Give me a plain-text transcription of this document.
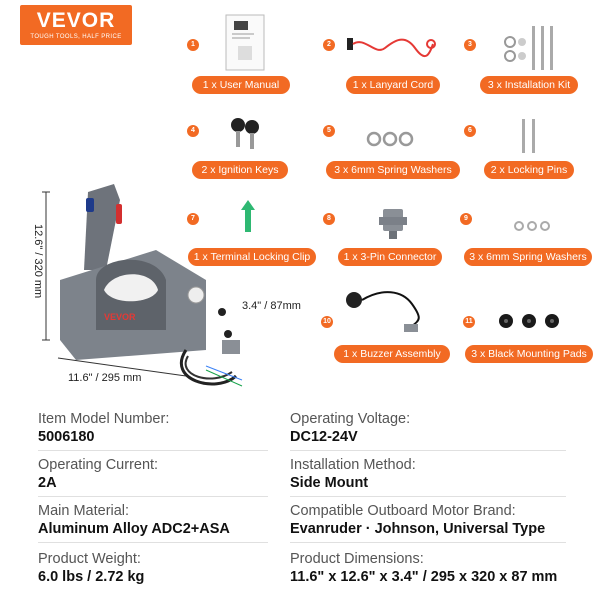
VEVOR
TOUGH TOOLS, HALF PRICE
1
1 x User Manual
2
1 x Lanyard Cord
3
3 x Installation Kit
4
2 x Ignition Keys
5
3 x 6mm Spring Washers
6
2 x Locking Pins
7
1 x Terminal Locking Clip
8
1 x 3-Pin Connector
9
3 x 6mm Spring Washers
10
1 x Buzzer Assembly
11
3 x Black Mounting Pads
VEVOR
12.6" / 320 mm
11.6" / 295 mm
3.4" / 87mm
Item Model Number:
5006180
Operating Voltage:
DC12-24V
Operating Current:
2A
Installation Method:
Side Mount
Main Material:
Aluminum Alloy ADC2+ASA
Compatible Outboard Motor Brand:
Evanruder · Johnson, Universal Type
Product Weight:
6.0 lbs / 2.72 kg
Product Dimensions:
11.6" x 12.6" x 3.4" / 295 x 320 x 87 mm
